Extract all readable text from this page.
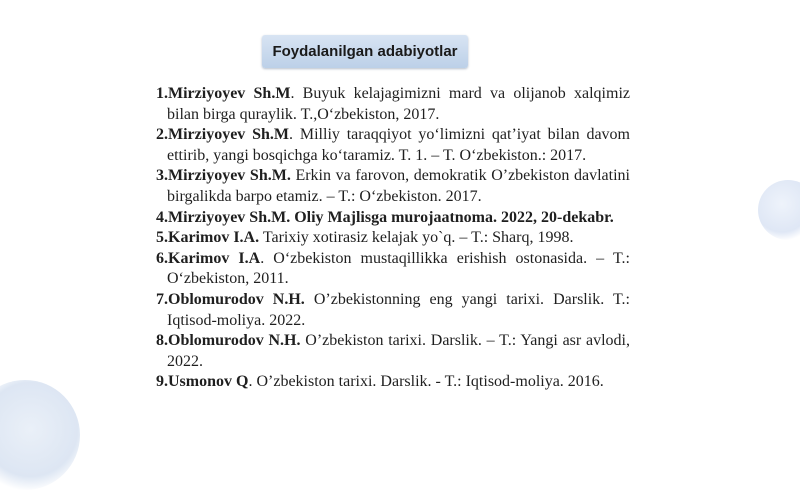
Foydalanilgan adabiyotlar
1.Mirziyoyev Sh.M. Buyuk kelajagimizni mard va olijanob xalqimiz bilan birga quraylik. T.,O‘zbekiston, 2017.
2.Mirziyoyev Sh.M. Milliy taraqqiyot yo‘limizni qat’iyat bilan davom ettirib, yangi bosqichga ko‘taramiz. T. 1. – T. O‘zbekiston.: 2017.
3.Mirziyoyev Sh.M. Erkin va farovon, demokratik O’zbekiston davlatini birgalikda barpo etamiz. – T.: O‘zbekiston. 2017.
4.Mirziyoyev Sh.M. Oliy Majlisga murojaatnoma. 2022, 20-dekabr.
5.Karimov I.A. Tarixiy xotirasiz kelajak yo`q. – T.: Sharq, 1998.
6.Karimov I.A. O‘zbekiston mustaqillikka erishish ostonasida. – T.: O‘zbekiston, 2011.
7.Oblomurodov N.H. O’zbekistonning eng yangi tarixi. Darslik. T.: Iqtisod-moliya. 2022.
8.Oblomurodov N.H. O’zbekiston tarixi. Darslik. – T.: Yangi asr avlodi, 2022.
9.Usmonov Q. O’zbekiston tarixi. Darslik. - T.: Iqtisod-moliya. 2016.
